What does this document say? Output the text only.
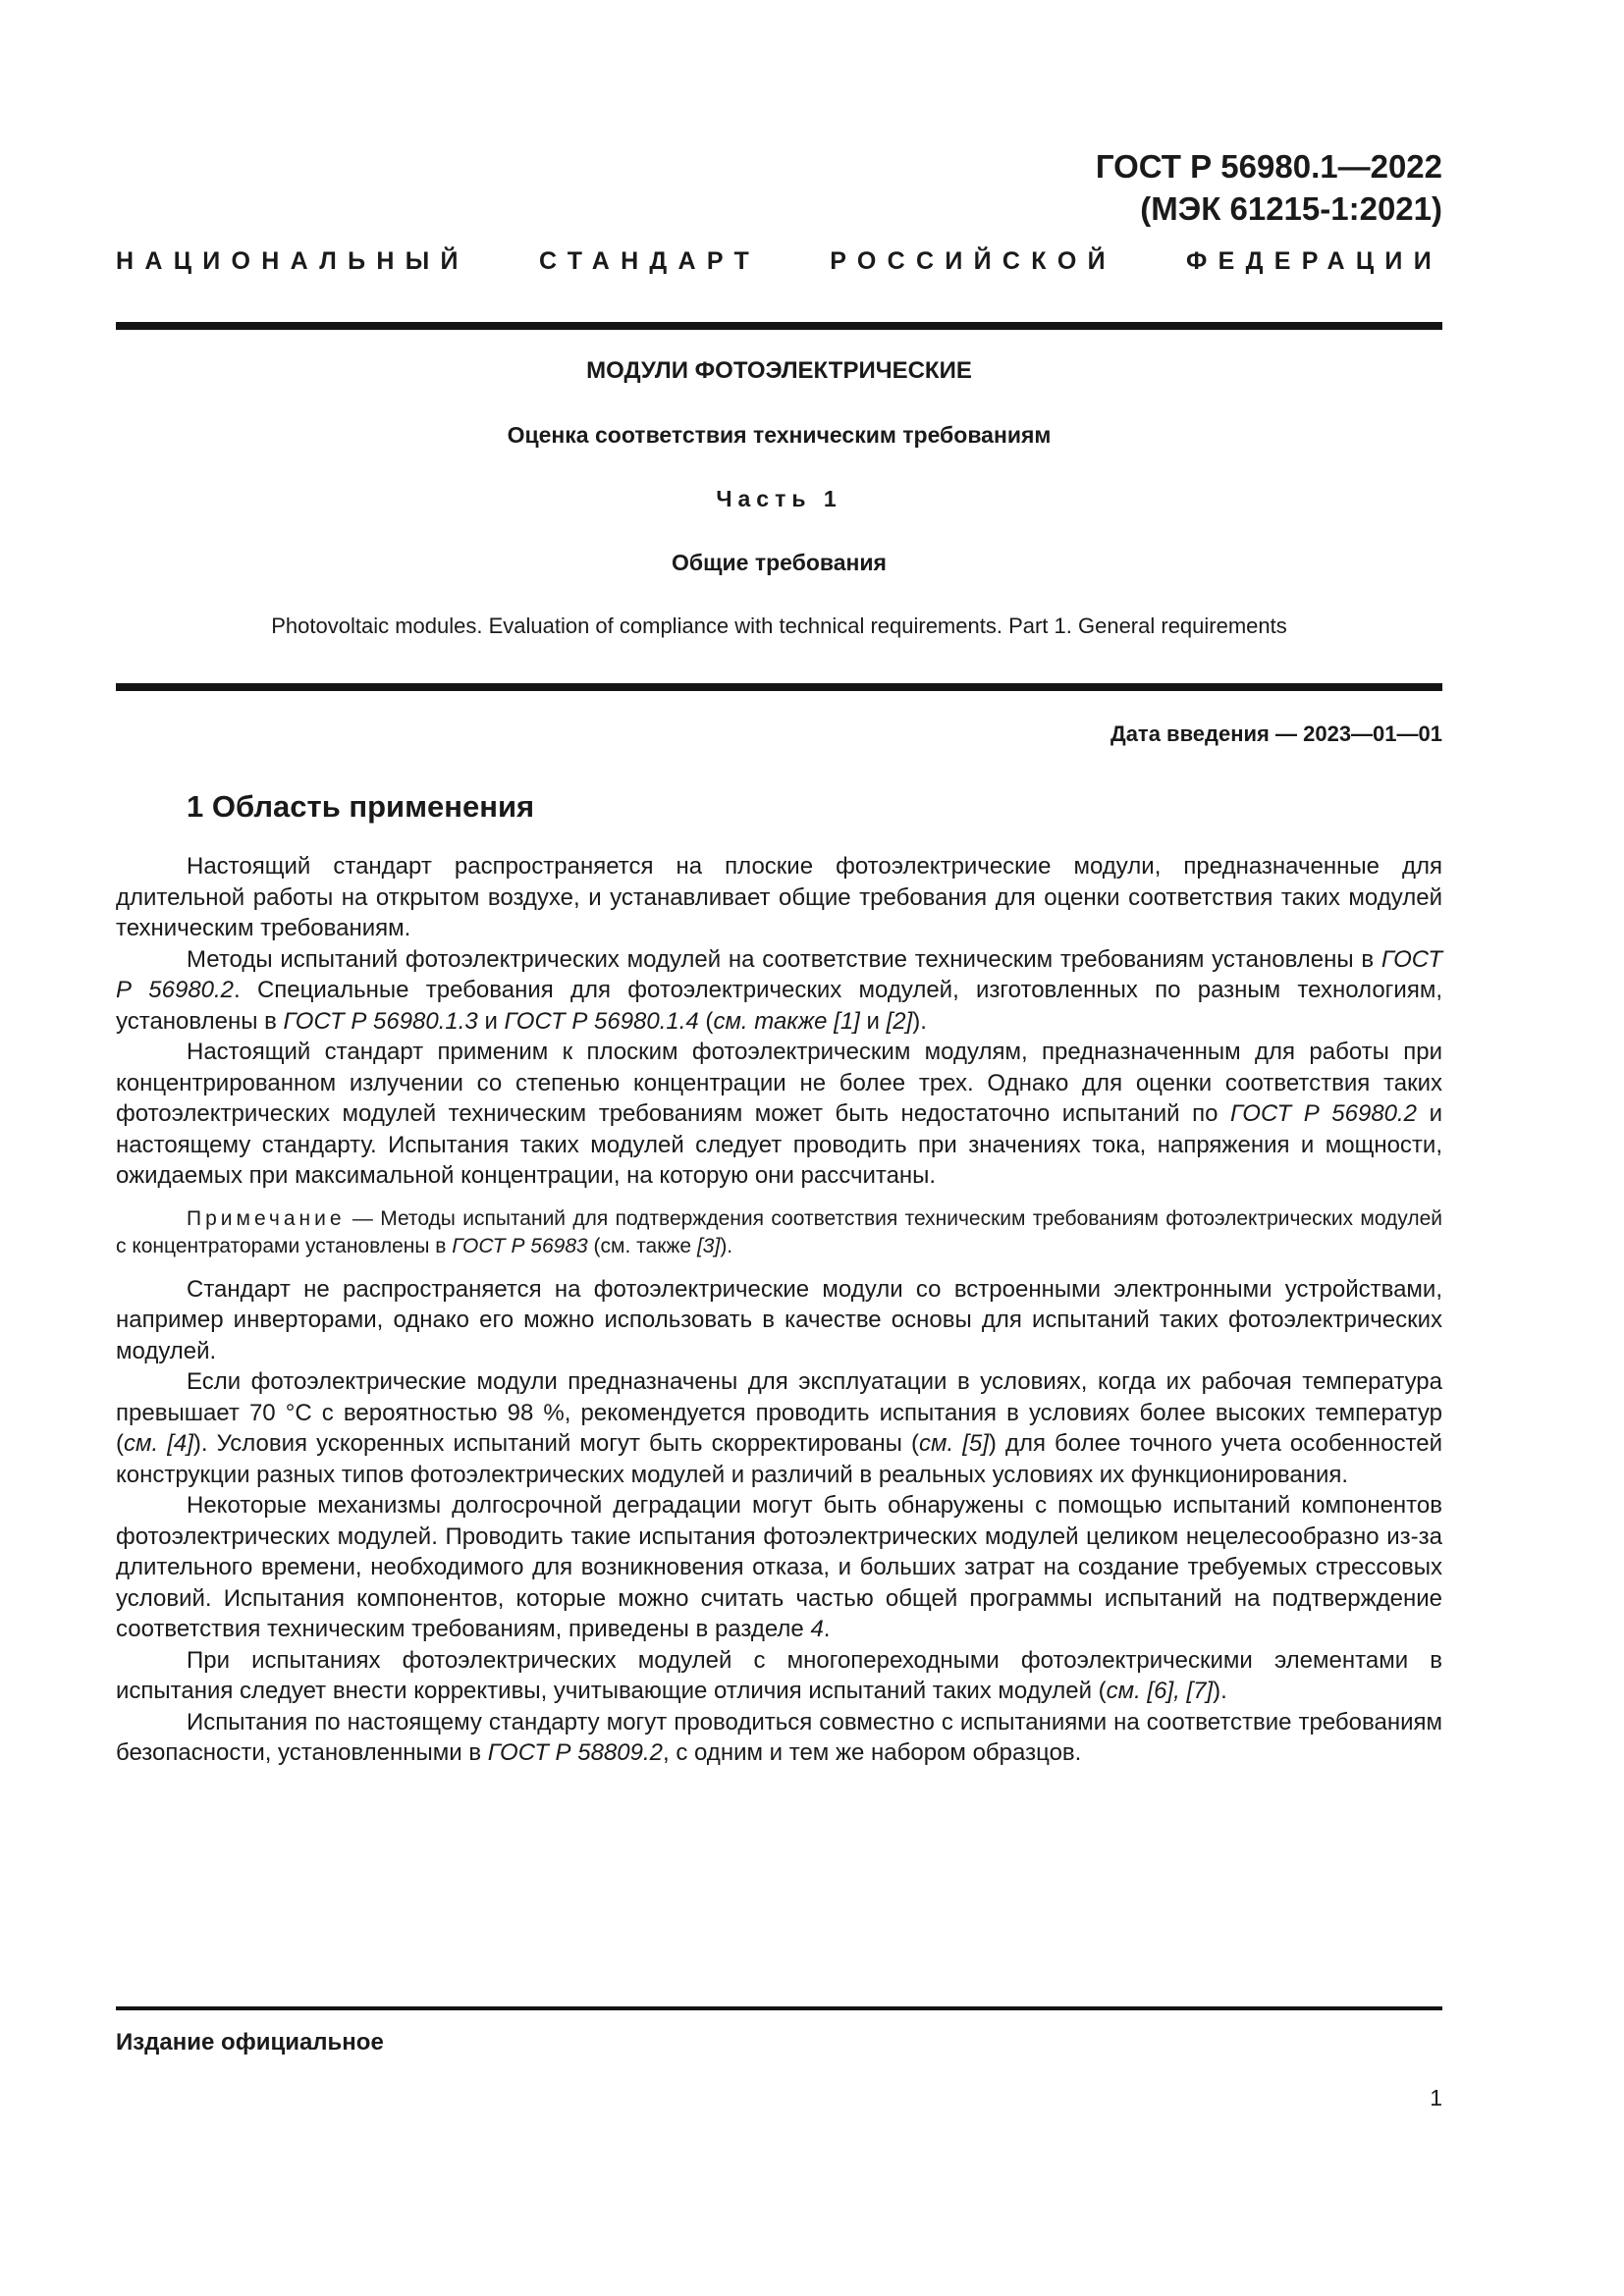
ГОСТ Р 56980.1—2022
(МЭК 61215-1:2021)
НАЦИОНАЛЬНЫЙ	СТАНДАРТ	РОССИЙСКОЙ	ФЕДЕРАЦИИ

МОДУЛИ ФОТОЭЛЕКТРИЧЕСКИЕ

Оценка соответствия техническим требованиям

Часть 1

Общие требования

Photovoltaic modules. Evaluation of compliance with technical requirements. Part 1. General requirements

Дата введения — 2023—01—01
1 Область применения

Настоящий стандарт распространяется на плоские фотоэлектрические модули, предназначенные для длительной работы на открытом воздухе, и устанавливает общие требования для оценки соответствия таких модулей техническим требованиям.

Методы испытаний фотоэлектрических модулей на соответствие техническим требованиям установлены в ГОСТ Р 56980.2. Специальные требования для фотоэлектрических модулей, изготовленных по разным технологиям, установлены в ГОСТ Р 56980.1.3 и ГОСТ Р 56980.1.4 (см. также [1] и [2]).

Настоящий стандарт применим к плоским фотоэлектрическим модулям, предназначенным для работы при концентрированном излучении со степенью концентрации не более трех. Однако для оценки соответствия таких фотоэлектрических модулей техническим требованиям может быть недостаточно испытаний по ГОСТ Р 56980.2 и настоящему стандарту. Испытания таких модулей следует проводить при значениях тока, напряжения и мощности, ожидаемых при максимальной концентрации, на которую они рассчитаны.

Примечание — Методы испытаний для подтверждения соответствия техническим требованиям фотоэлектрических модулей с концентраторами установлены в ГОСТ Р 56983 (см. также [3]).

Стандарт не распространяется на фотоэлектрические модули со встроенными электронными устройствами, например инверторами, однако его можно использовать в качестве основы для испытаний таких фотоэлектрических модулей.

Если фотоэлектрические модули предназначены для эксплуатации в условиях, когда их рабочая температура превышает 70 °С с вероятностью 98 %, рекомендуется проводить испытания в условиях более высоких температур (см. [4]). Условия ускоренных испытаний могут быть скорректированы (см. [5]) для более точного учета особенностей конструкции разных типов фотоэлектрических модулей и различий в реальных условиях их функционирования.

Некоторые механизмы долгосрочной деградации могут быть обнаружены с помощью испытаний компонентов фотоэлектрических модулей. Проводить такие испытания фотоэлектрических модулей целиком нецелесообразно из-за длительного времени, необходимого для возникновения отказа, и больших затрат на создание требуемых стрессовых условий. Испытания компонентов, которые можно считать частью общей программы испытаний на подтверждение соответствия техническим требованиям, приведены в разделе 4.

При испытаниях фотоэлектрических модулей с многопереходными фотоэлектрическими элементами в испытания следует внести коррективы, учитывающие отличия испытаний таких модулей (см. [6], [7]).

Испытания по настоящему стандарту могут проводиться совместно с испытаниями на соответствие требованиям безопасности, установленными в ГОСТ Р 58809.2, с одним и тем же набором образцов.

Издание официальное
1
